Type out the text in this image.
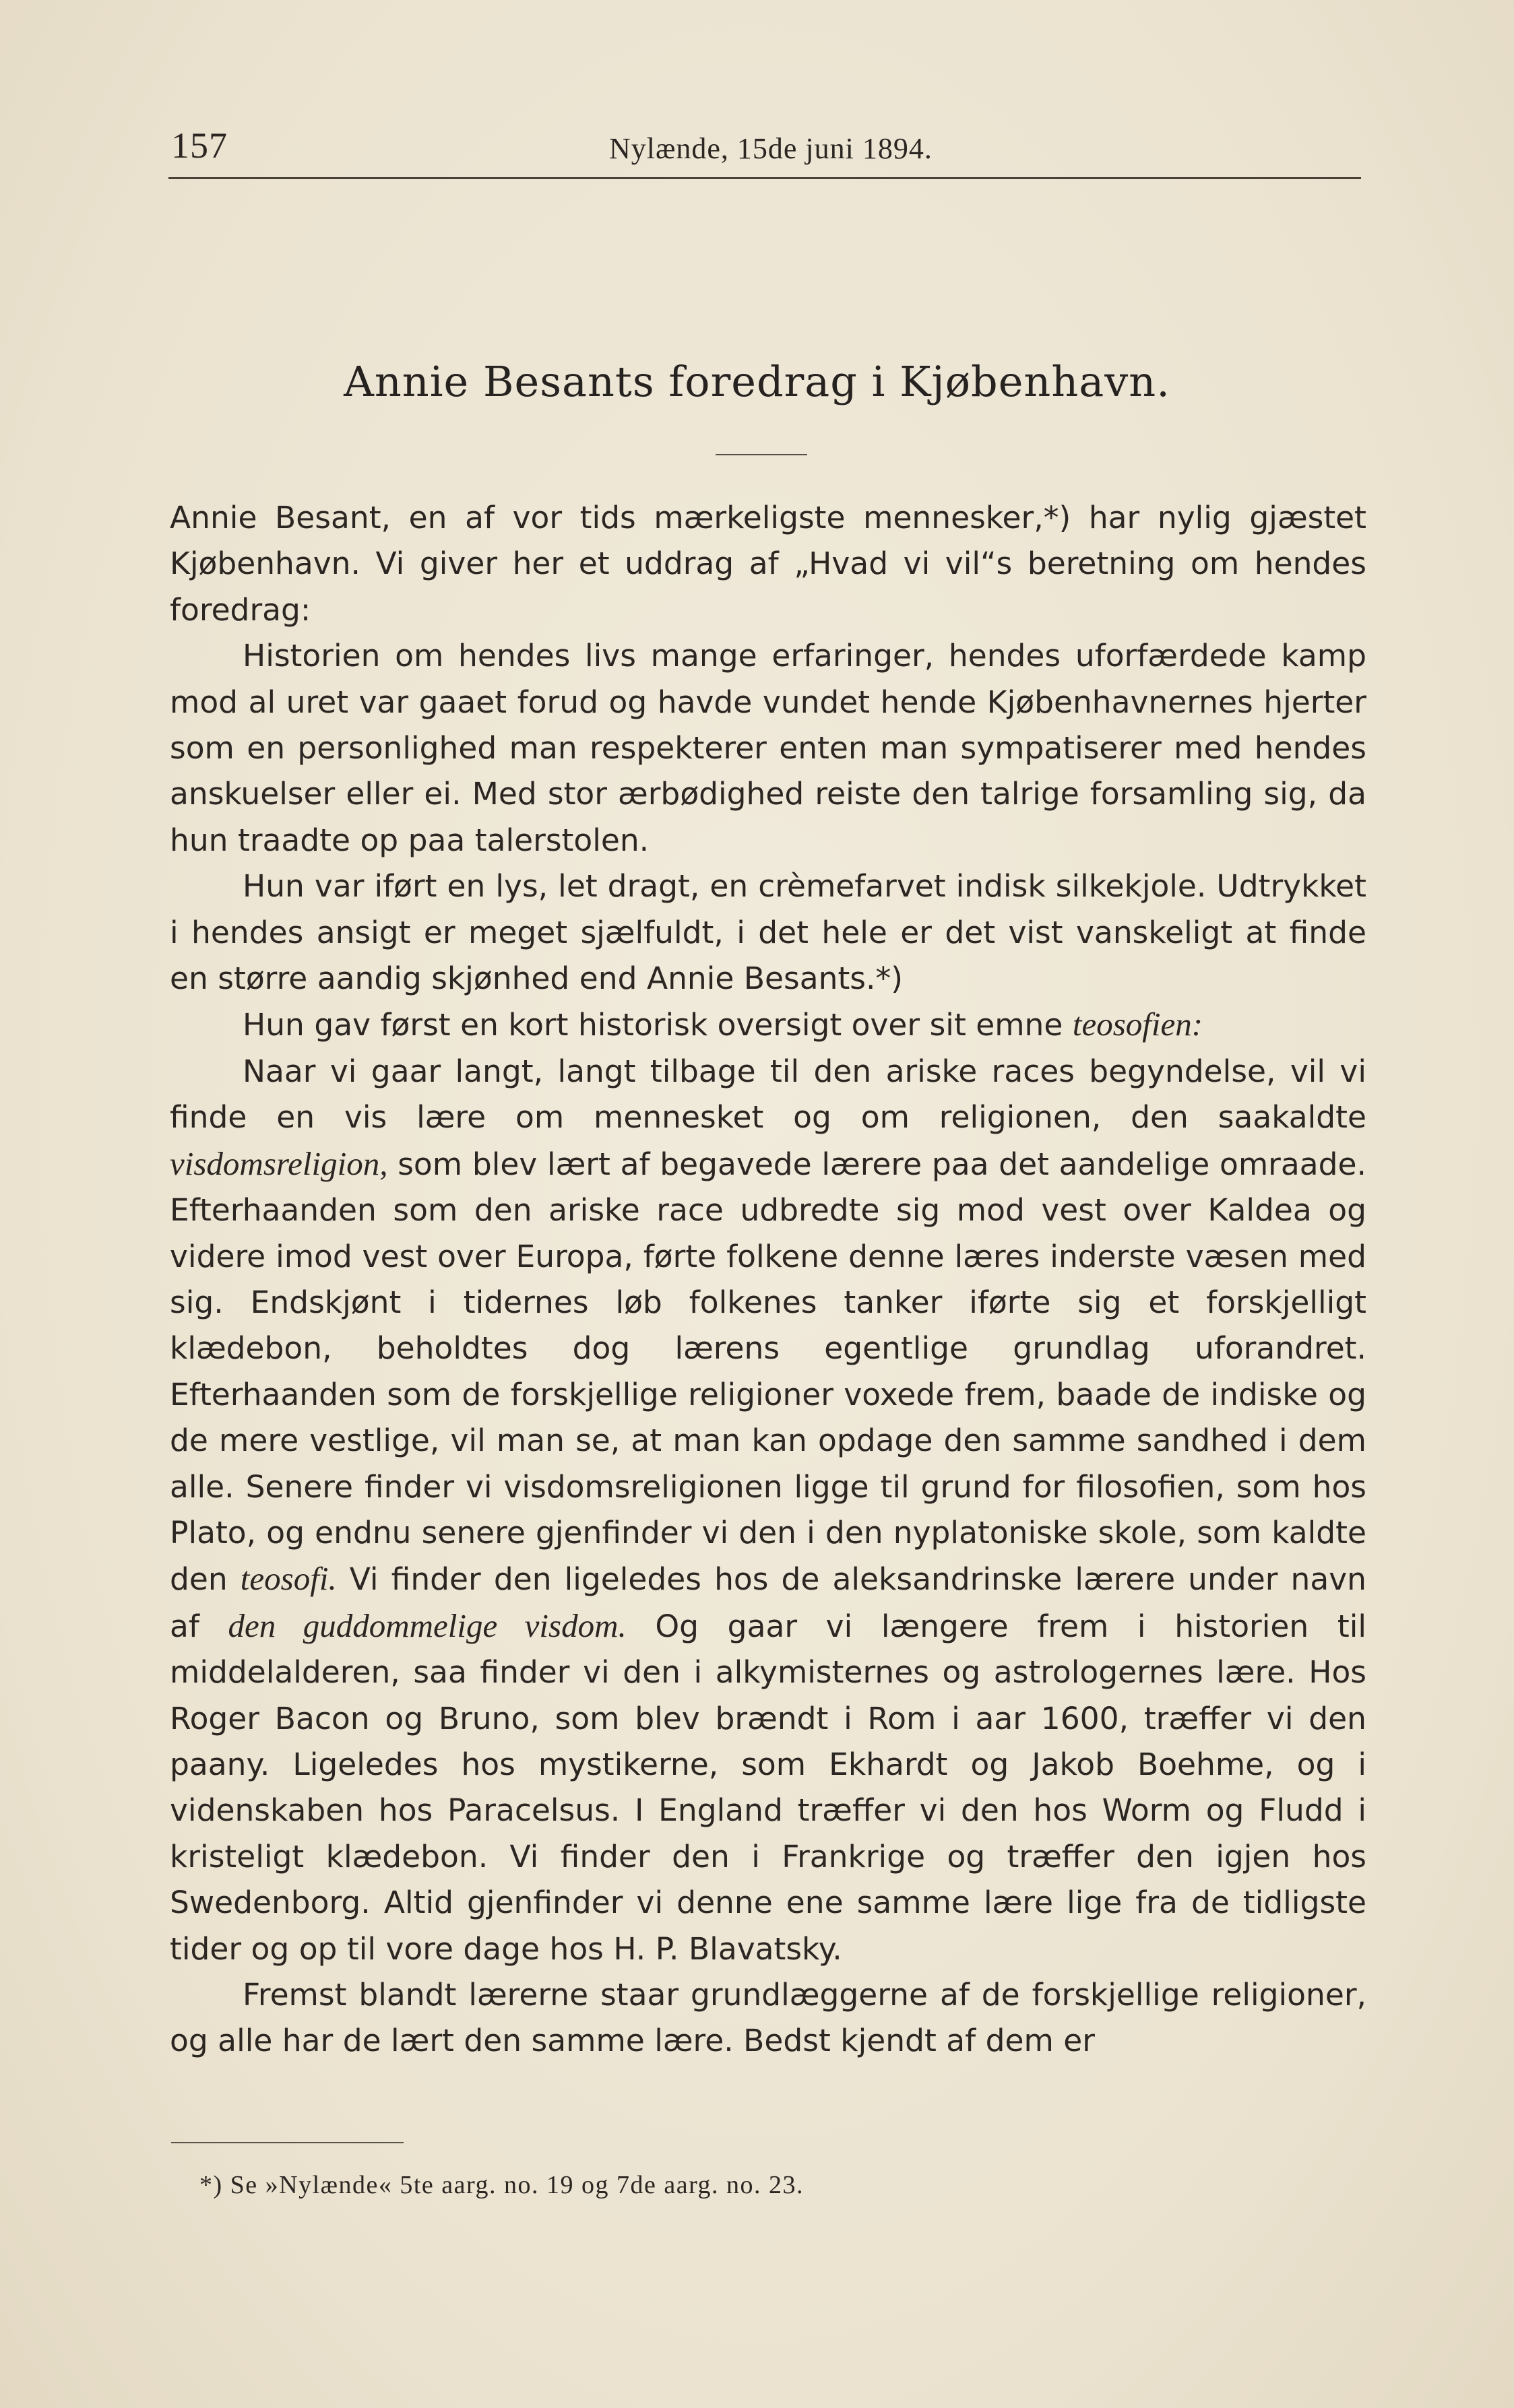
157	Nylænde, 15de juni 1894.
Annie Besants foredrag i Kjøbenhavn.

Annie Besant, en af vor tids mærkeligste mennesker,*) har nylig gjæstet Kjøbenhavn. Vi giver her et uddrag af „Hvad vi vil“s beretning om hendes foredrag:

Historien om hendes livs mange erfaringer, hendes uforfærdede kamp mod al uret var gaaet forud og havde vundet hende Kjøbenhavnernes hjerter som en personlighed man respekterer enten man sympatiserer med hendes anskuelser eller ei. Med stor ærbødighed reiste den talrige forsamling sig, da hun traadte op paa talerstolen.

Hun var iført en lys, let dragt, en crèmefarvet indisk silkekjole. Udtrykket i hendes ansigt er meget sjælfuldt, i det hele er det vist vanskeligt at finde en større aandig skjønhed end Annie Besants.*)

Hun gav først en kort historisk oversigt over sit emne teosofien:

Naar vi gaar langt, langt tilbage til den ariske races begyndelse, vil vi finde en vis lære om mennesket og om religionen, den saakaldte visdomsreligion, som blev lært af begavede lærere paa det aandelige omraade. Efterhaanden som den ariske race udbredte sig mod vest over Kaldea og videre imod vest over Europa, førte folkene denne læres inderste væsen med sig. Endskjønt i tidernes løb folkenes tanker iførte sig et forskjelligt klædebon, beholdtes dog lærens egentlige grundlag uforandret. Efterhaanden som de forskjellige religioner voxede frem, baade de indiske og de mere vestlige, vil man se, at man kan opdage den samme sandhed i dem alle. Senere finder vi visdomsreligionen ligge til grund for filosofien, som hos Plato, og endnu senere gjenfinder vi den i den nyplatoniske skole, som kaldte den teosofi. Vi finder den ligeledes hos de aleksandrinske lærere under navn af den guddommelige visdom. Og gaar vi længere frem i historien til middelalderen, saa finder vi den i alkymisternes og astrologernes lære. Hos Roger Bacon og Bruno, som blev brændt i Rom i aar 1600, træffer vi den paany. Ligeledes hos mystikerne, som Ekhardt og Jakob Boehme, og i videnskaben hos Paracelsus. I England træffer vi den hos Worm og Fludd i kristeligt klædebon. Vi finder den i Frankrige og træffer den igjen hos Swedenborg. Altid gjenfinder vi denne ene samme lære lige fra de tidligste tider og op til vore dage hos H. P. Blavatsky.

Fremst blandt lærerne staar grundlæggerne af de forskjellige religioner, og alle har de lært den samme lære. Bedst kjendt af dem er

*) Se »Nylænde« 5te aarg. no. 19 og 7de aarg. no. 23.
